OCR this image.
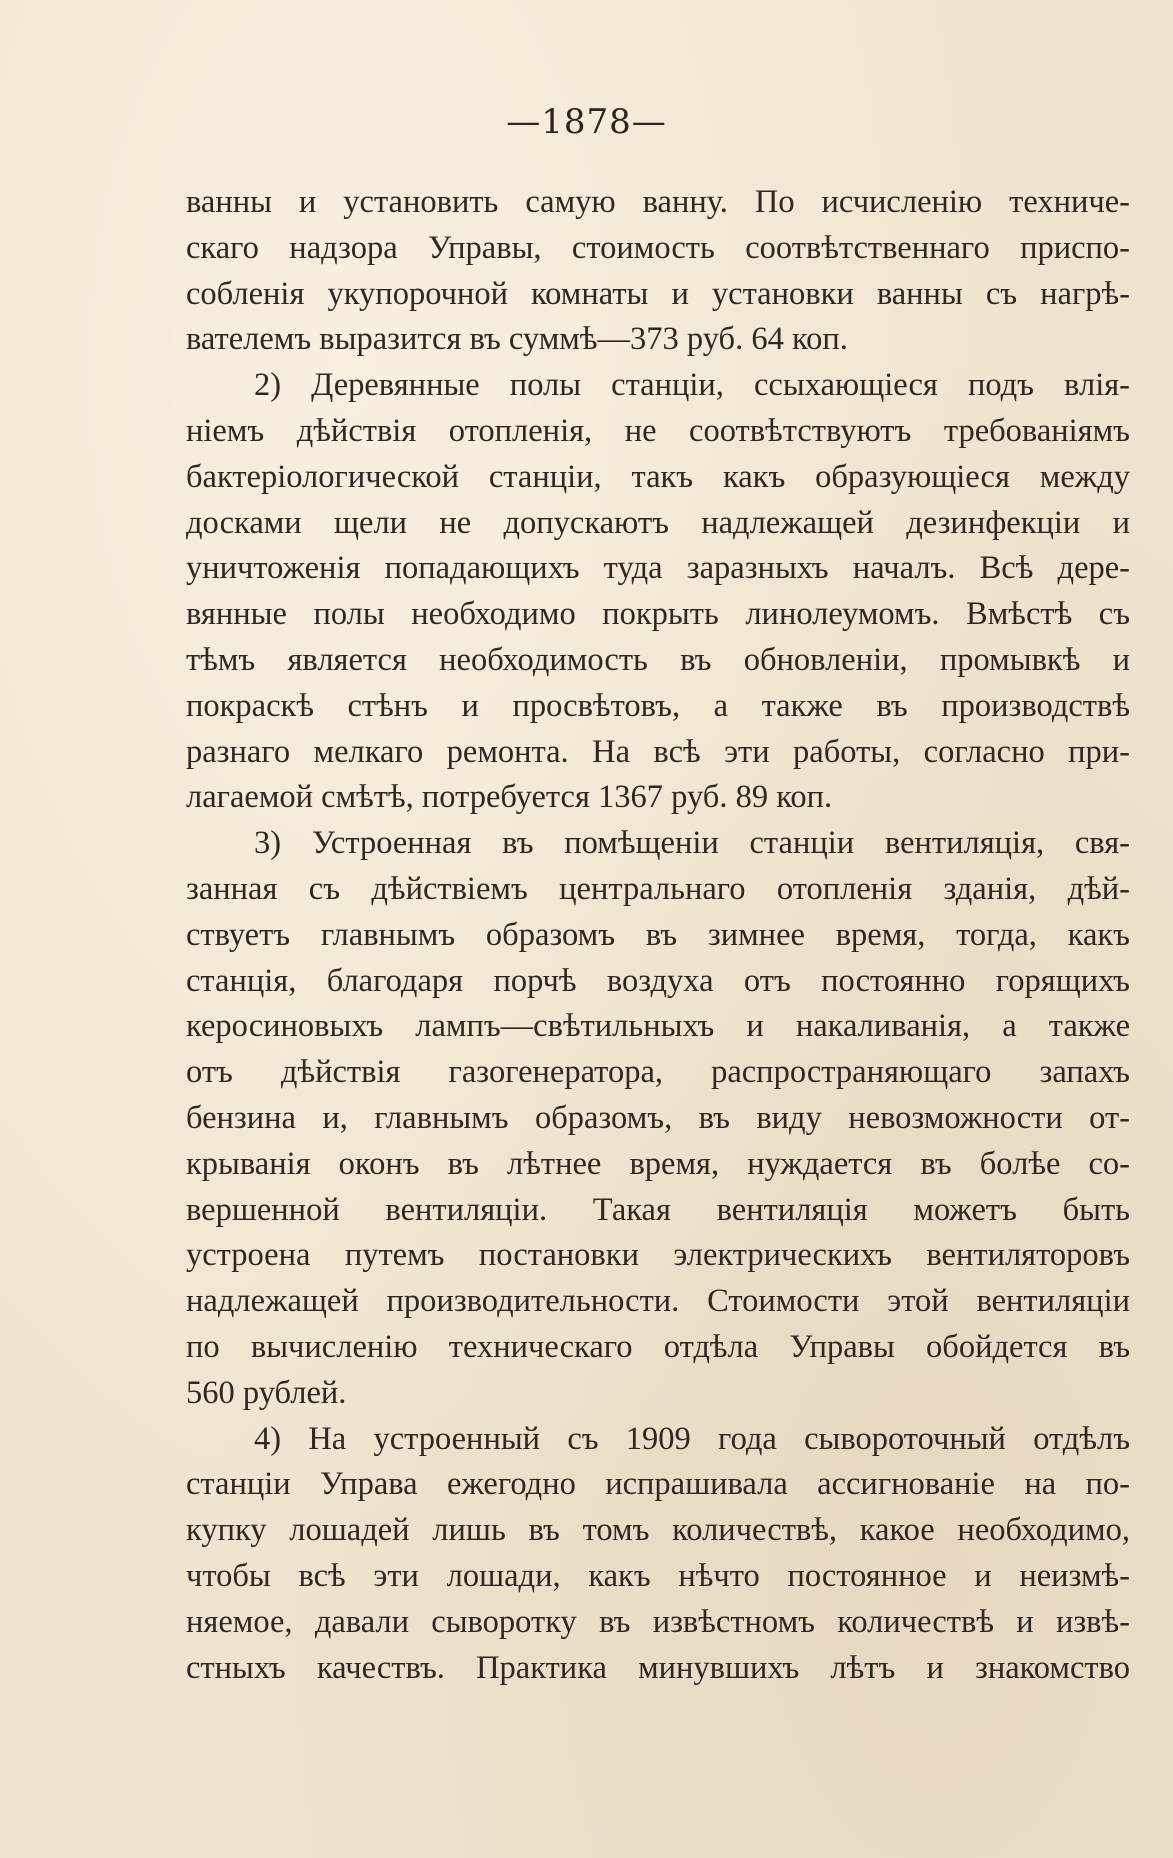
—1878—
ванны и установить самую ванну. По исчисленію техниче-
скаго надзора Управы, стоимость соотвѣтственнаго приспо-
собленія укупорочной комнаты и установки ванны съ нагрѣ-
вателемъ выразится въ суммѣ—373 руб. 64 коп.
2) Деревянные полы станціи, ссыхающіеся подъ влія-
ніемъ дѣйствія отопленія, не соотвѣтствуютъ требованіямъ
бактеріологической станціи, такъ какъ образующіеся между
досками щели не допускаютъ надлежащей дезинфекціи и
уничтоженія попадающихъ туда заразныхъ началъ. Всѣ дере-
вянные полы необходимо покрыть линолеумомъ. Вмѣстѣ съ
тѣмъ является необходимость въ обновленіи, промывкѣ и
покраскѣ стѣнъ и просвѣтовъ, а также въ производствѣ
разнаго мелкаго ремонта. На всѣ эти работы, согласно при-
лагаемой смѣтѣ, потребуется 1367 руб. 89 коп.
3) Устроенная въ помѣщеніи станціи вентиляція, свя-
занная съ дѣйствіемъ центральнаго отопленія зданія, дѣй-
ствуетъ главнымъ образомъ въ зимнее время, тогда, какъ
станція, благодаря порчѣ воздуха отъ постоянно горящихъ
керосиновыхъ лампъ—свѣтильныхъ и накаливанія, а также
отъ дѣйствія газогенератора, распространяющаго запахъ
бензина и, главнымъ образомъ, въ виду невозможности от-
крыванія оконъ въ лѣтнее время, нуждается въ болѣе со-
вершенной вентиляціи. Такая вентиляція можетъ быть
устроена путемъ постановки электрическихъ вентиляторовъ
надлежащей производительности. Стоимости этой вентиляціи
по вычисленію техническаго отдѣла Управы обойдется въ
560 рублей.
4) На устроенный съ 1909 года сывороточный отдѣлъ
станціи Управа ежегодно испрашивала ассигнованіе на по-
купку лошадей лишь въ томъ количествѣ, какое необходимо,
чтобы всѣ эти лошади, какъ нѣчто постоянное и неизмѣ-
няемое, давали сыворотку въ извѣстномъ количествѣ и извѣ-
стныхъ качествъ. Практика минувшихъ лѣтъ и знакомство
